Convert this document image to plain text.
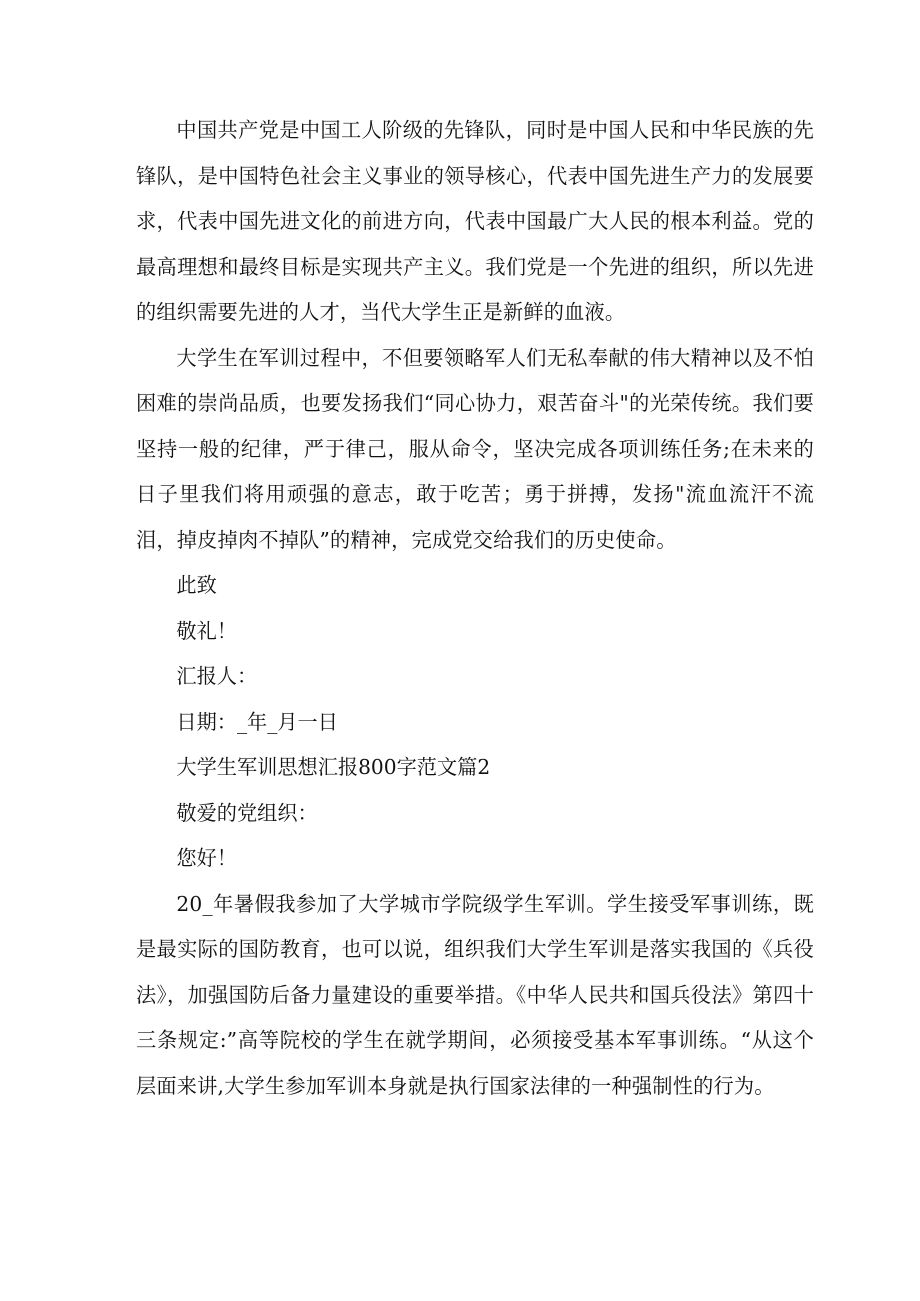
中国共产党是中国工人阶级的先锋队，同时是中国人民和中华民族的先锋队，是中国特色社会主义事业的领导核心，代表中国先进生产力的发展要求，代表中国先进文化的前进方向，代表中国最广大人民的根本利益。党的最高理想和最终目标是实现共产主义。我们党是一个先进的组织，所以先进的组织需要先进的人才，当代大学生正是新鲜的血液。

大学生在军训过程中，不但要领略军人们无私奉献的伟大精神以及不怕困难的崇尚品质，也要发扬我们“同心协力，艰苦奋斗"的光荣传统。我们要坚持一般的纪律，严于律己，服从命令，坚决完成各项训练任务;在未来的日子里我们将用顽强的意志，敢于吃苦；勇于拼搏，发扬"流血流汗不流泪，掉皮掉肉不掉队”的精神，完成党交给我们的历史使命。

此致

敬礼！

汇报人：

日期：_年_月一日

大学生军训思想汇报800字范文篇2

敬爱的党组织：

您好！

20_年暑假我参加了大学城市学院级学生军训。学生接受军事训练，既是最实际的国防教育，也可以说，组织我们大学生军训是落实我国的《兵役法》，加强国防后备力量建设的重要举措。《中华人民共和国兵役法》第四十三条规定:”高等院校的学生在就学期间，必须接受基本军事训练。“从这个层面来讲,大学生参加军训本身就是执行国家法律的一种强制性的行为。
